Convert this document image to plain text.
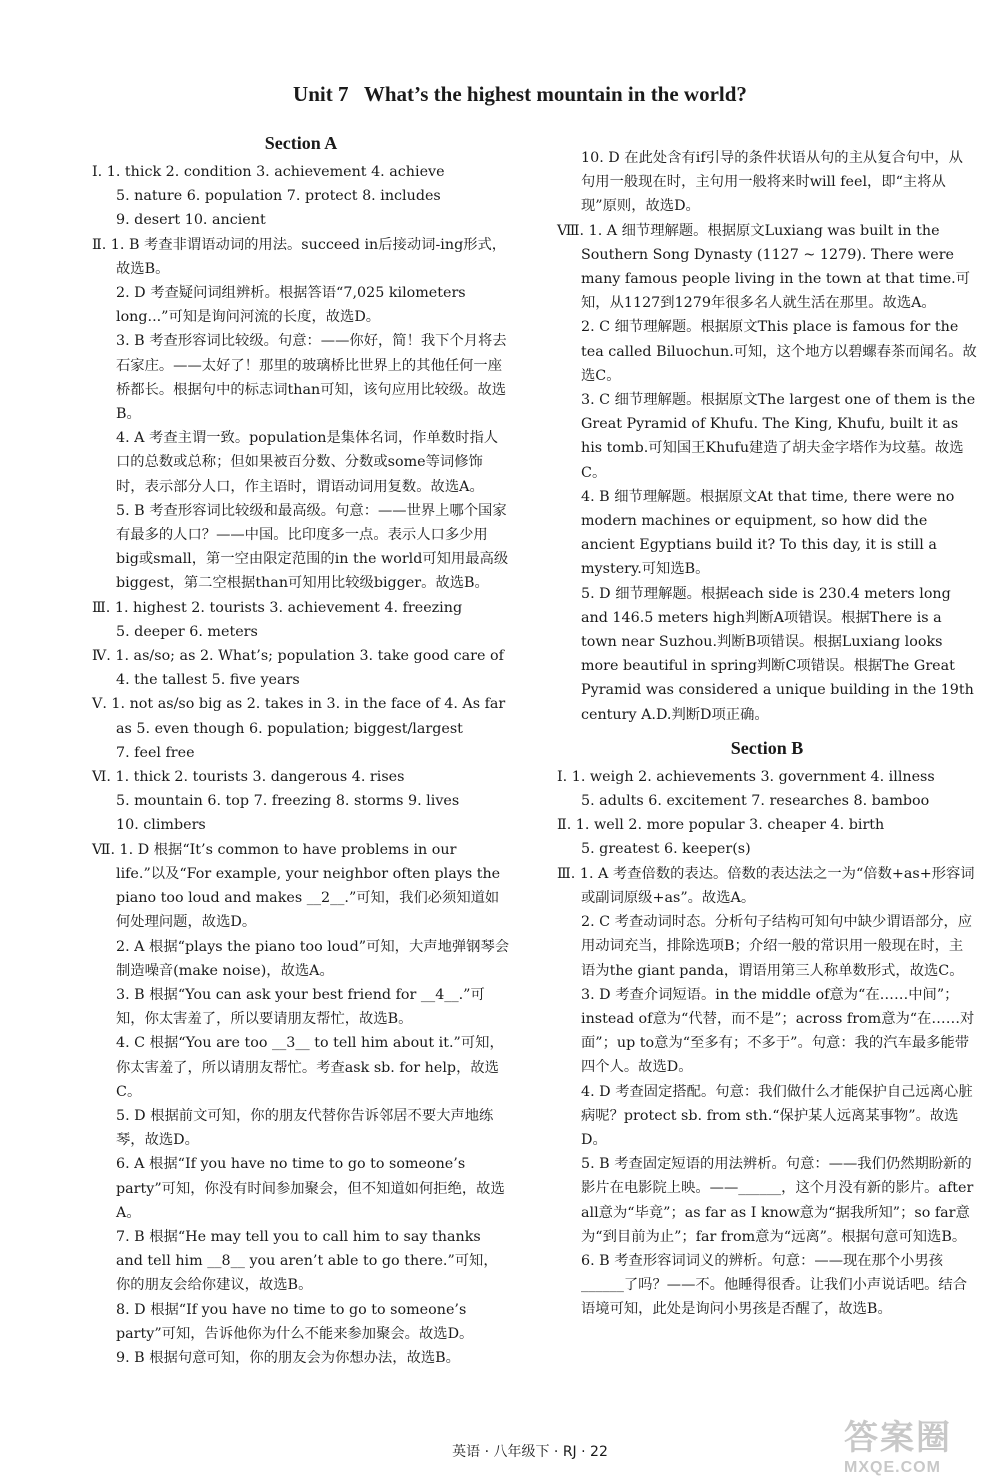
Unit 7   What’s the highest mountain in the world?
Section A

Ⅰ. 1. thick 2. condition 3. achievement 4. achieve

5. nature 6. population 7. protect 8. includes

9. desert 10. ancient

Ⅱ. 1. B 考查非谓语动词的用法。succeed in后接动词-ing形式，故选B。

2. D 考查疑问词组辨析。根据答语“7,025 kilometers long...”可知是询问河流的长度，故选D。

3. B 考查形容词比较级。句意：——你好，简！我下个月将去石家庄。——太好了！那里的玻璃桥比世界上的其他任何一座桥都长。根据句中的标志词than可知，该句应用比较级。故选B。

4. A 考查主谓一致。population是集体名词，作单数时指人口的总数或总称；但如果被百分数、分数或some等词修饰时，表示部分人口，作主语时，谓语动词用复数。故选A。

5. B 考查形容词比较级和最高级。句意：——世界上哪个国家有最多的人口？——中国。比印度多一点。表示人口多少用big或small，第一空由限定范围的in the world可知用最高级biggest，第二空根据than可知用比较级bigger。故选B。

Ⅲ. 1. highest 2. tourists 3. achievement 4. freezing

5. deeper 6. meters

Ⅳ. 1. as/so; as 2. What’s; population 3. take good care of

4. the tallest 5. five years

Ⅴ. 1. not as/so big as 2. takes in 3. in the face of 4. As far as 5. even though 6. population; biggest/largest

7. feel free

Ⅵ. 1. thick 2. tourists 3. dangerous 4. rises

5. mountain 6. top 7. freezing 8. storms 9. lives

10. climbers

Ⅶ. 1. D 根据“It’s common to have problems in our life.”以及“For example, your neighbor often plays the piano too loud and makes __2__.”可知，我们必须知道如何处理问题，故选D。

2. A 根据“plays the piano too loud”可知，大声地弹钢琴会制造噪音(make noise)，故选A。

3. B 根据“You can ask your best friend for __4__.”可知，你太害羞了，所以要请朋友帮忙，故选B。

4. C 根据“You are too __3__ to tell him about it.”可知，你太害羞了，所以请朋友帮忙。考查ask sb. for help，故选C。

5. D 根据前文可知，你的朋友代替你告诉邻居不要大声地练琴，故选D。

6. A 根据“If you have no time to go to someone’s party”可知，你没有时间参加聚会，但不知道如何拒绝，故选A。

7. B 根据“He may tell you to call him to say thanks and tell him __8__ you aren’t able to go there.”可知，你的朋友会给你建议，故选B。

8. D 根据“If you have no time to go to someone’s party”可知，告诉他你为什么不能来参加聚会。故选D。

9. B 根据句意可知，你的朋友会为你想办法，故选B。

10. D 在此处含有if引导的条件状语从句的主从复合句中，从句用一般现在时，主句用一般将来时will feel，即“主将从现”原则，故选D。

Ⅷ. 1. A 细节理解题。根据原文Luxiang was built in the Southern Song Dynasty (1127 ~ 1279). There were many famous people living in the town at that time.可知，从1127到1279年很多名人就生活在那里。故选A。

2. C 细节理解题。根据原文This place is famous for the tea called Biluochun.可知，这个地方以碧螺春茶而闻名。故选C。

3. C 细节理解题。根据原文The largest one of them is the Great Pyramid of Khufu. The King, Khufu, built it as his tomb.可知国王Khufu建造了胡夫金字塔作为坟墓。故选C。

4. B 细节理解题。根据原文At that time, there were no modern machines or equipment, so how did the ancient Egyptians build it? To this day, it is still a mystery.可知选B。

5. D 细节理解题。根据each side is 230.4 meters long and 146.5 meters high判断A项错误。根据There is a town near Suzhou.判断B项错误。根据Luxiang looks more beautiful in spring判断C项错误。根据The Great Pyramid was considered a unique building in the 19th century A.D.判断D项正确。

Section B

Ⅰ. 1. weigh 2. achievements 3. government 4. illness

5. adults 6. excitement 7. researches 8. bamboo

Ⅱ. 1. well 2. more popular 3. cheaper 4. birth

5. greatest 6. keeper(s)

Ⅲ. 1. A 考查倍数的表达。倍数的表达法之一为“倍数+as+形容词或副词原级+as”。故选A。

2. C 考查动词时态。分析句子结构可知句中缺少谓语部分，应用动词充当，排除选项B；介绍一般的常识用一般现在时，主语为the giant panda，谓语用第三人称单数形式，故选C。

3. D 考查介词短语。in the middle of意为“在……中间”；instead of意为“代替，而不是”；across from意为“在……对面”；up to意为“至多有；不多于”。句意：我的汽车最多能带四个人。故选D。

4. D 考查固定搭配。句意：我们做什么才能保护自己远离心脏病呢？protect sb. from sth.“保护某人远离某事物”。故选D。

5. B 考查固定短语的用法辨析。句意：——我们仍然期盼新的影片在电影院上映。——______，这个月没有新的影片。after all意为“毕竟”；as far as I know意为“据我所知”；so far意为“到目前为止”；far from意为“远离”。根据句意可知选B。

6. B 考查形容词词义的辨析。句意：——现在那个小男孩______了吗？——不。他睡得很香。让我们小声说话吧。结合语境可知，此处是询问小男孩是否醒了，故选B。

英语 · 八年级下 · RJ · 22	答案圈
MXQE.COM
